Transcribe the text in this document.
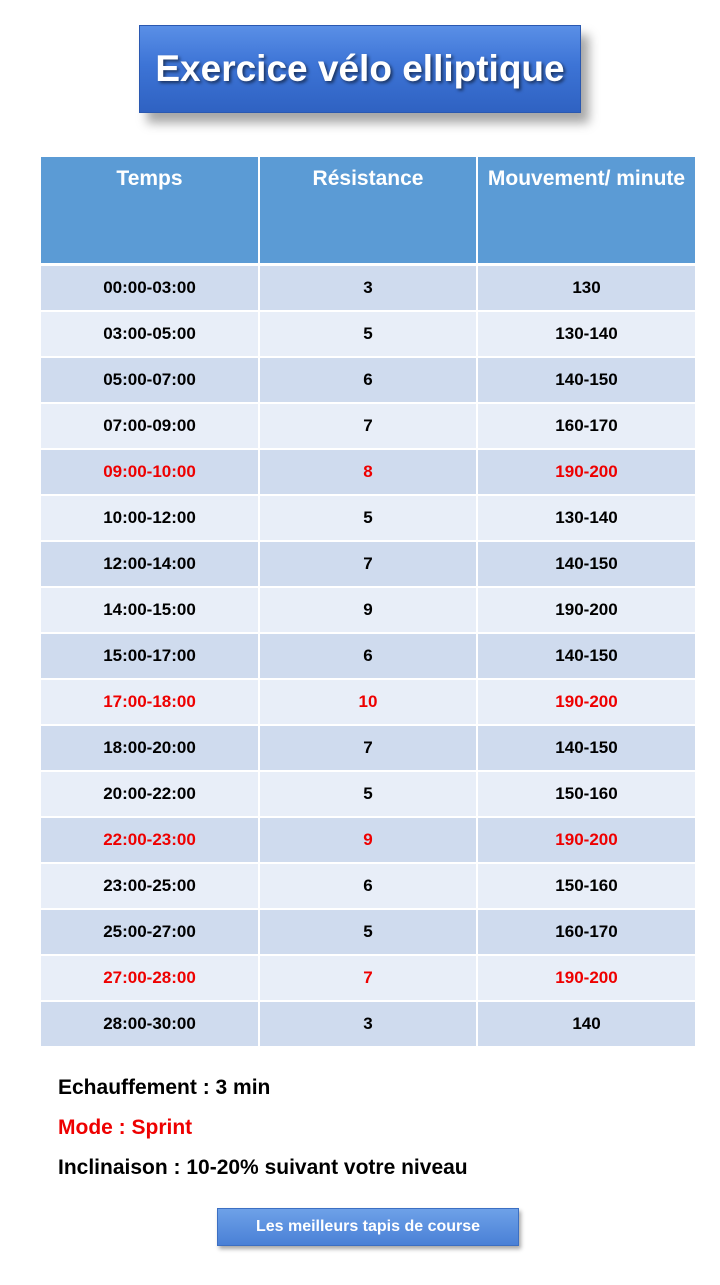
Exercice vélo elliptique
Temps	Résistance	Mouvement/ minute
00:00-03:00	3	130
03:00-05:00	5	130-140
05:00-07:00	6	140-150
07:00-09:00	7	160-170
09:00-10:00	8	190-200
10:00-12:00	5	130-140
12:00-14:00	7	140-150
14:00-15:00	9	190-200
15:00-17:00	6	140-150
17:00-18:00	10	190-200
18:00-20:00	7	140-150
20:00-22:00	5	150-160
22:00-23:00	9	190-200
23:00-25:00	6	150-160
25:00-27:00	5	160-170
27:00-28:00	7	190-200
28:00-30:00	3	140
Echauffement : 3 min
Mode : Sprint
Inclinaison : 10-20% suivant votre niveau
Les meilleurs tapis de course
